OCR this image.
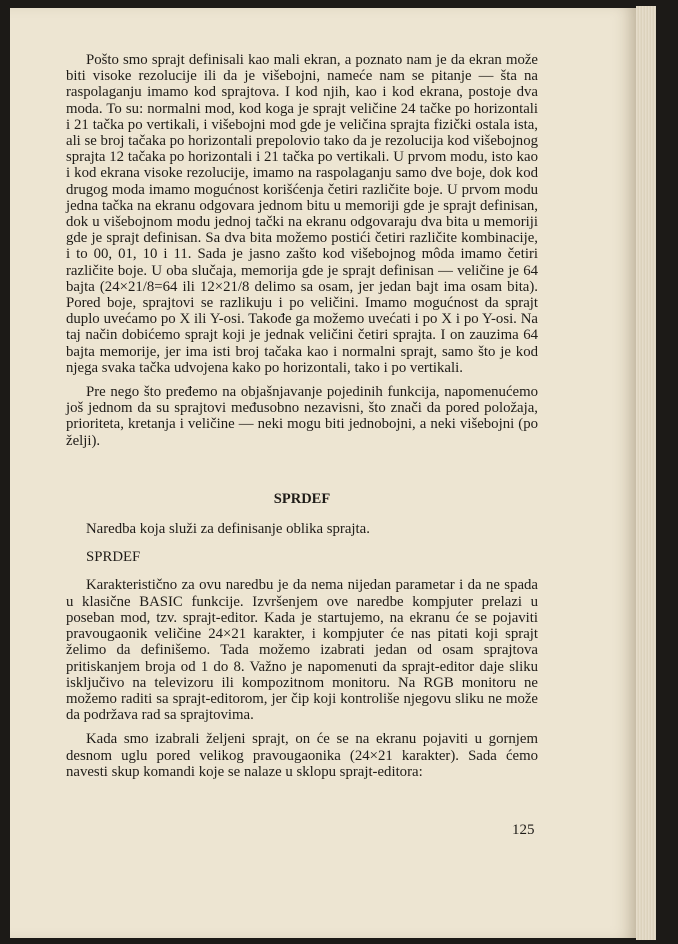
Pošto smo sprajt definisali kao mali ekran, a poznato nam je da ekran može biti visoke rezolucije ili da je višebojni, nameće nam se pitanje — šta na raspolaganju imamo kod sprajtova. I kod njih, kao i kod ekrana, postoje dva moda. To su: normalni mod, kod koga je sprajt veličine 24 tačke po horizontali i 21 tačka po vertikali, i višebojni mod gde je veličina sprajta fizički ostala ista, ali se broj tačaka po horizontali prepolovio tako da je rezolucija kod višebojnog sprajta 12 tačaka po horizontali i 21 tačka po vertikali. U prvom modu, isto kao i kod ekrana visoke rezolucije, imamo na raspolaganju samo dve boje, dok kod drugog moda imamo mogućnost korišćenja četiri različite boje. U prvom modu jedna tačka na ekranu odgovara jednom bitu u memoriji gde je sprajt definisan, dok u višebojnom modu jednoj tački na ekranu odgovaraju dva bita u memoriji gde je sprajt definisan. Sa dva bita možemo postići četiri različite kombinacije, i to 00, 01, 10 i 11. Sada je jasno zašto kod višebojnog môda imamo četiri različite boje. U oba slučaja, memorija gde je sprajt definisan — veličine je 64 bajta (24×21/8=64 ili 12×21/8 delimo sa osam, jer jedan bajt ima osam bita). Pored boje, sprajtovi se razlikuju i po veličini. Imamo mogućnost da sprajt duplo uvećamo po X ili Y-osi. Takođe ga možemo uvećati i po X i po Y-osi. Na taj način dobićemo sprajt koji je jednak veličini četiri sprajta. I on zauzima 64 bajta memorije, jer ima isti broj tačaka kao i normalni sprajt, samo što je kod njega svaka tačka udvojena kako po horizontali, tako i po vertikali.

Pre nego što pređemo na objašnjavanje pojedinih funkcija, napomenućemo još jednom da su sprajtovi međusobno nezavisni, što znači da pored položaja, prioriteta, kretanja i veličine — neki mogu biti jednobojni, a neki višebojni (po želji).

SPRDEF

Naredba koja služi za definisanje oblika sprajta.

SPRDEF

Karakteristično za ovu naredbu je da nema nijedan parametar i da ne spada u klasične BASIC funkcije. Izvršenjem ove naredbe kompjuter prelazi u poseban mod, tzv. sprajt-editor. Kada je startujemo, na ekranu će se pojaviti pravougaonik veličine 24×21 karakter, i kompjuter će nas pitati koji sprajt želimo da definišemo. Tada možemo izabrati jedan od osam sprajtova pritiskanjem broja od 1 do 8. Važno je napomenuti da sprajt-editor daje sliku isključivo na televizoru ili kompozitnom monitoru. Na RGB monitoru ne možemo raditi sa sprajt-editorom, jer čip koji kontroliše njegovu sliku ne može da podržava rad sa sprajtovima.

Kada smo izabrali željeni sprajt, on će se na ekranu pojaviti u gornjem desnom uglu pored velikog pravougaonika (24×21 karakter). Sada ćemo navesti skup komandi koje se nalaze u sklopu sprajt-editora:

125
